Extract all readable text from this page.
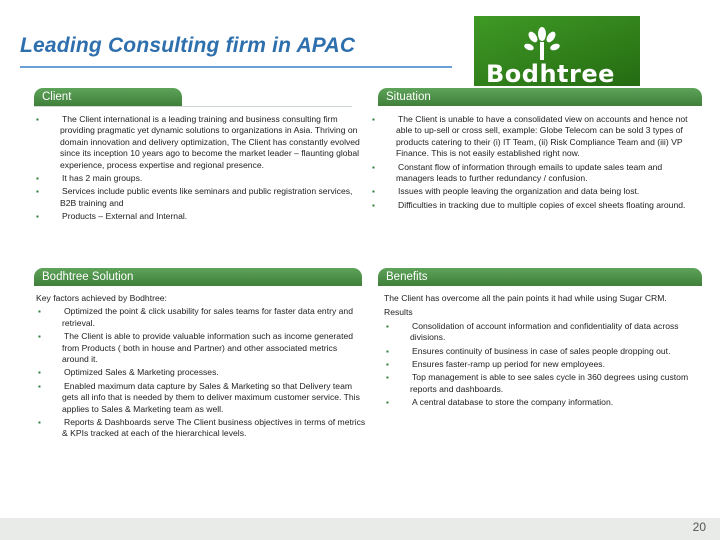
Leading Consulting firm in APAC
Bodhtree
Client
▪	The Client international is a leading training and business consulting firm providing pragmatic yet dynamic solutions to organizations in Asia. Thriving on domain innovation and delivery optimization, The Client has constantly evolved since its inception 10 years ago to become the market leader – flaunting global experience, process expertise and regional presence.
▪	It has 2 main groups.
▪	Services include public events like seminars and public registration services, B2B training and
▪	Products – External and Internal.
Situation
▪	The Client is unable to have a consolidated view on accounts and hence not able to up-sell or cross sell, example: Globe Telecom can be sold 3 types of products catering to their (i) IT Team, (ii) Risk Compliance Team and (iii) VP Finance. This is not easily established right now.
▪	Constant flow of information through emails to update sales team and managers leads to further redundancy / confusion.
▪	Issues with people leaving the organization and data being lost.
▪	Difficulties in tracking due to multiple copies of excel sheets floating around.
Bodhtree Solution

Key factors achieved by Bodhtree:

▪	Optimized the point & click usability for sales teams for faster data entry and retrieval.
▪	The Client is able to provide valuable information such as income generated from Products ( both in house and Partner) and other associated metrics around it.
▪	Optimized Sales & Marketing processes.
▪	Enabled maximum data capture by Sales & Marketing so that Delivery team gets all info that is needed by them to deliver maximum customer service. This applies to Sales & Marketing team as well.
▪	Reports & Dashboards serve The Client business objectives in terms of metrics & KPIs tracked at each of the hierarchical levels.
Benefits

The Client has overcome all the pain points it had while using Sugar CRM.

Results

▪	Consolidation of account information and confidentiality of data across divisions.
▪	Ensures continuity of business in case of sales people dropping out.
▪	Ensures faster-ramp up period for new employees.
▪	Top management is able to see sales cycle in 360 degrees using custom reports and dashboards.
▪	A central database to store the company information.
20
